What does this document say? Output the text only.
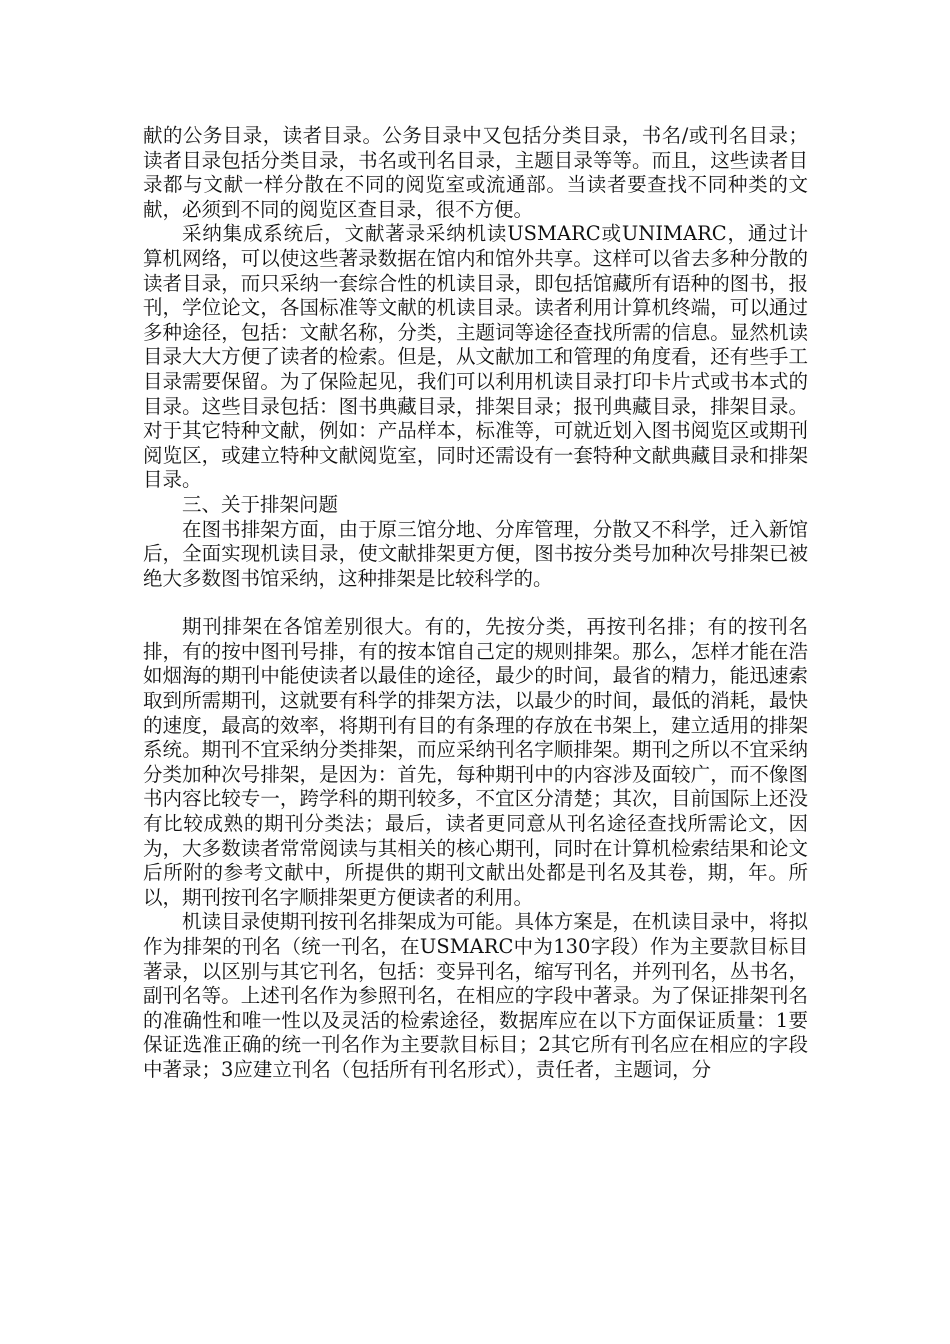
献的公务目录，读者目录。公务目录中又包括分类目录，书名/或刊名目录；读者目录包括分类目录，书名或刊名目录，主题目录等等。而且，这些读者目录都与文献一样分散在不同的阅览室或流通部。当读者要查找不同种类的文献，必须到不同的阅览区查目录，很不方便。

采纳集成系统后，文献著录采纳机读USMARC或UNIMARC，通过计算机网络，可以使这些著录数据在馆内和馆外共享。这样可以省去多种分散的读者目录，而只采纳一套综合性的机读目录，即包括馆藏所有语种的图书，报刊，学位论文，各国标准等文献的机读目录。读者利用计算机终端，可以通过多种途径，包括：文献名称，分类，主题词等途径查找所需的信息。显然机读目录大大方便了读者的检索。但是，从文献加工和管理的角度看，还有些手工目录需要保留。为了保险起见，我们可以利用机读目录打印卡片式或书本式的目录。这些目录包括：图书典藏目录，排架目录；报刊典藏目录，排架目录。对于其它特种文献，例如：产品样本，标准等，可就近划入图书阅览区或期刊阅览区，或建立特种文献阅览室，同时还需设有一套特种文献典藏目录和排架目录。

三、关于排架问题

在图书排架方面，由于原三馆分地、分库管理，分散又不科学，迁入新馆后，全面实现机读目录，使文献排架更方便，图书按分类号加种次号排架已被绝大多数图书馆采纳，这种排架是比较科学的。

期刊排架在各馆差别很大。有的，先按分类，再按刊名排；有的按刊名排，有的按中图刊号排，有的按本馆自己定的规则排架。那么，怎样才能在浩如烟海的期刊中能使读者以最佳的途径，最少的时间，最省的精力，能迅速索取到所需期刊，这就要有科学的排架方法，以最少的时间，最低的消耗，最快的速度，最高的效率，将期刊有目的有条理的存放在书架上，建立适用的排架系统。期刊不宜采纳分类排架，而应采纳刊名字顺排架。期刊之所以不宜采纳分类加种次号排架，是因为：首先，每种期刊中的内容涉及面较广，而不像图书内容比较专一，跨学科的期刊较多，不宜区分清楚；其次，目前国际上还没有比较成熟的期刊分类法；最后，读者更同意从刊名途径查找所需论文，因为，大多数读者常常阅读与其相关的核心期刊，同时在计算机检索结果和论文后所附的参考文献中，所提供的期刊文献出处都是刊名及其卷，期，年。所以，期刊按刊名字顺排架更方便读者的利用。

机读目录使期刊按刊名排架成为可能。具体方案是，在机读目录中，将拟作为排架的刊名（统一刊名，在USMARC中为130字段）作为主要款目标目著录，以区别与其它刊名，包括：变异刊名，缩写刊名，并列刊名，丛书名，副刊名等。上述刊名作为参照刊名，在相应的字段中著录。为了保证排架刊名的准确性和唯一性以及灵活的检索途径，数据库应在以下方面保证质量：1要保证选准正确的统一刊名作为主要款目标目；2其它所有刊名应在相应的字段中著录；3应建立刊名（包括所有刊名形式），责任者，主题词，分
